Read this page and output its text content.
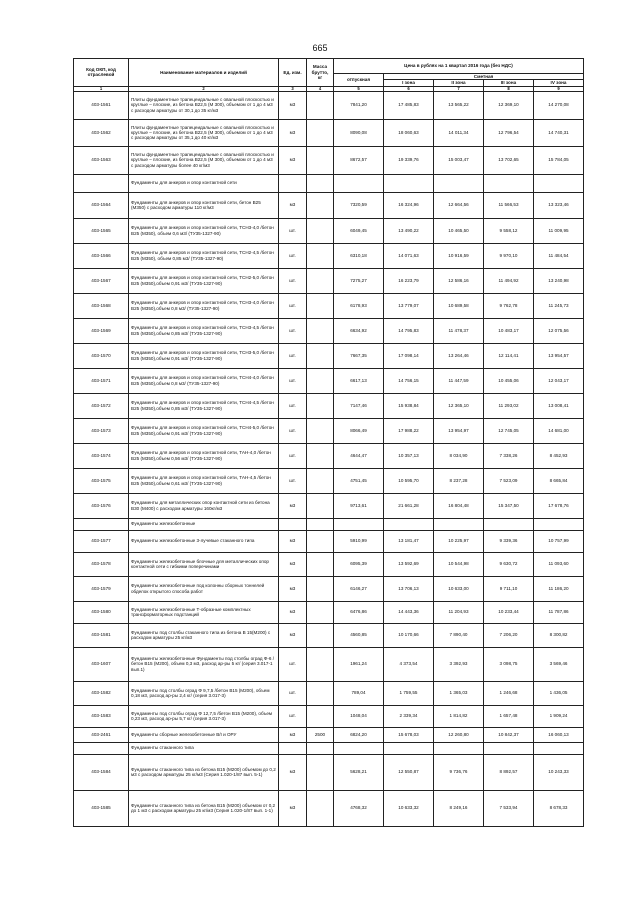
665
Код ОКП, код отраслевой	Наименование материалов и изделий	Ед. изм.	Масса брутто, кг	Цена в рублях на 1 квартал 2016 года (без НДС)				
				отпускная	Сметная			
					I зона	II зона	III зона	IV зона
1	2	3	4	5	6	7	8	9
403-1561	Плиты фундаментные трапецеидальные с овальной плоскостью и круглые – плоские, из бетона В22,5 (М 300), объемом от 1 до 4 м3 с расходом арматуры от 30,1 до 35 кг/м3	м3		7841,20	17 485,83	13 565,22	12 369,10	14 270,08
403-1562	Плиты фундаментные трапецеидальные с овальной плоскостью и круглые – плоские, из бетона В22,5 (М 300), объемом от 1 до 4 м3 с расходом арматуры от 35,1 до 40 кг/м3	м3		8090,08	18 060,63	14 011,34	12 796,54	14 740,31
403-1563	Плиты фундаментные трапецеидальные с овальной плоскостью и круглые – плоские, из бетона В22,5 (М 300), объемом от 1 до 4 м3 с расходом арматуры более 40 кг/м3	м3		8672,57	19 339,76	15 003,47	13 702,65	15 784,05
	Фундаменты для анкеров и опор контактной сети							
403-1564	Фундаменты для анкеров и опор контактной сети, бетон В25 (М350) с расходом арматуры 110 кг/м3	м3		7320,59	16 324,96	12 664,56	11 566,53	13 323,46
403-1565	Фундаменты для анкеров и опор контактной сети, ТСН3-4,0 /бетон В25 (М350), объем 0,6 м3/ (ТУ35-1327-90)	шт.		6049,45	13 490,22	10 465,50	9 558,12	11 009,95
403-1566	Фундаменты для анкеров и опор контактной сети, ТСН2-4,5 /бетон В25 (М350), объем 0,85 м3/ (ТУ35-1327-90)	шт.		6310,18	14 071,63	10 916,59	9 970,10	11 484,54
403-1567	Фундаменты для анкеров и опор контактной сети, ТСН2-5,0 /бетон В25 (М350),объем 0,91 м3/ (ТУ35-1327-90)	шт.		7275,27	16 223,79	12 586,16	11 494,92	13 240,98
403-1568	Фундаменты для анкеров и опор контактной сети, ТСН3-4,0 /бетон В25 (М350),объем 0,8 м3/ (ТУ35-1327-90)	шт.		6178,93	13 779,07	10 689,58	9 762,78	11 245,73
403-1569	Фундаменты для анкеров и опор контактной сети, ТСН3-4,5 /бетон В25 (М350),объем 0,85 м3/ (ТУ35-1327-90)	шт.		6634,92	14 795,83	11 478,37	10 483,17	12 075,56
403-1570	Фундаменты для анкеров и опор контактной сети, ТСН3-5,0 /бетон В25 (М350),объем 0,91 м3/ (ТУ35-1327-90)	шт.		7667,35	17 098,14	13 264,46	12 114,41	13 954,57
403-1571	Фундаменты для анкеров и опор контактной сети, ТСН4-4,0 /бетон В25 (М350),объем 0,8 м3/ (ТУ35-1327-90)	шт.		6617,13	14 756,15	11 447,59	10 455,06	12 043,17
403-1572	Фундаменты для анкеров и опор контактной сети, ТСН4-4,5 /бетон В25 (М350),объем 0,85 м3/ (ТУ35-1327-90)	шт.		7147,46	15 938,84	12 365,10	11 293,02	13 008,41
403-1573	Фундаменты для анкеров и опор контактной сети, ТСН4-5,0 /бетон В25 (М350),объем 0,91 м3/ (ТУ35-1327-90)	шт.		8066,49	17 988,22	13 954,97	12 745,05	14 681,00
403-1574	Фундаменты для анкеров и опор контактной сети, ТАН-4,0 /бетон В25 (М350),объем 0,56 м3/ (ТУ35-1327-90)	шт.		4644,47	10 357,13	8 034,90	7 338,26	8 452,93
403-1575	Фундаменты для анкеров и опор контактной сети, ТАН-4,5 /бетон В25 (М350),объем 0,61 м3/ (ТУ35-1327-90)	шт.		4751,45	10 595,70	8 237,28	7 523,09	8 665,84
403-1576	Фундаменты для металлических опор контактной сети из бетона В30 (М400) с расходом арматуры 160кг/м3	м3		9713,61	21 661,28	16 804,48	15 347,50	17 678,76
	Фундаменты железобетонные							
403-1577	Фундаменты железобетонные 3-лучевые стаканного типа	м3		5910,99	13 181,47	10 225,97	9 339,36	10 757,99
403-1578	Фундаменты железобетонные блочные для металлических опор контактной сети с гибкими поперечинами	м3		6095,39	13 592,69	10 544,98	9 630,72	11 093,60
403-1579	Фундаменты железобетонные под колонны сборных тоннелей обделок открытого способа работ	м3		6146,27	13 706,13	10 633,00	9 711,10	11 186,20
403-1580	Фундаменты железобетонные Т-образные комплектных трансформаторных подстанций	м3		6476,86	14 443,36	11 204,93	10 233,44	11 787,86
403-1581	Фундаменты под столбы стаканного типа из бетона В 15(М200) с расходом арматуры 25 кг/м3	м3		4560,85	10 170,66	7 890,40	7 206,20	8 300,82
403-1607	Фундаменты железобетонные Фундаменты под столбы оград Ф-6 /бетон В15 (М200), объем 0,3 м3, расход ар-ры 5 кг/ (серия 3.017-1 вып.1)	шт.		1961,24	4 373,54	3 392,93	3 098,75	3 569,46
403-1582	Фундаменты под столбы оград Ф 9,7,5 /бетон В15 (М200), объем 0,18 м3, расход ар-ры 2,4 кг/ (серия 3.017-3)	шт.		789,04	1 759,55	1 365,03	1 246,68	1 436,05
403-1583	Фундаменты под столбы оград Ф 12,7,5 /бетон В15 (М200), объем 0,23 м3, расход ар-ры 5,7 кг/ (серия 3.017-3)	шт.		1048,04	2 339,34	1 814,82	1 657,48	1 909,24
403-2461	Фундаменты сборные железобетонные В/I и ОРУ	м3	2500	6824,20	15 678,03	12 260,80	10 842,37	16 060,13
	Фундаменты стаканного типа							
403-1584	Фундаменты стаканного типа из бетона В15 (М200) объемом до 0,2 м3 с расходом арматуры 25 кг/м3 (Серия 1.020-1/87 вып. 5-1)	м3		5628,21	12 550,87	9 736,76	8 892,57	10 243,33
403-1585	Фундаменты стаканного типа из бетона В15 (М200) объемом от 0,2 до 1 м3 с расходом арматуры 25 кг/м3 (Серия 1.020-1/87 вып. 1-1)	м3		4768,32	10 633,32	8 249,16	7 533,94	8 678,33
